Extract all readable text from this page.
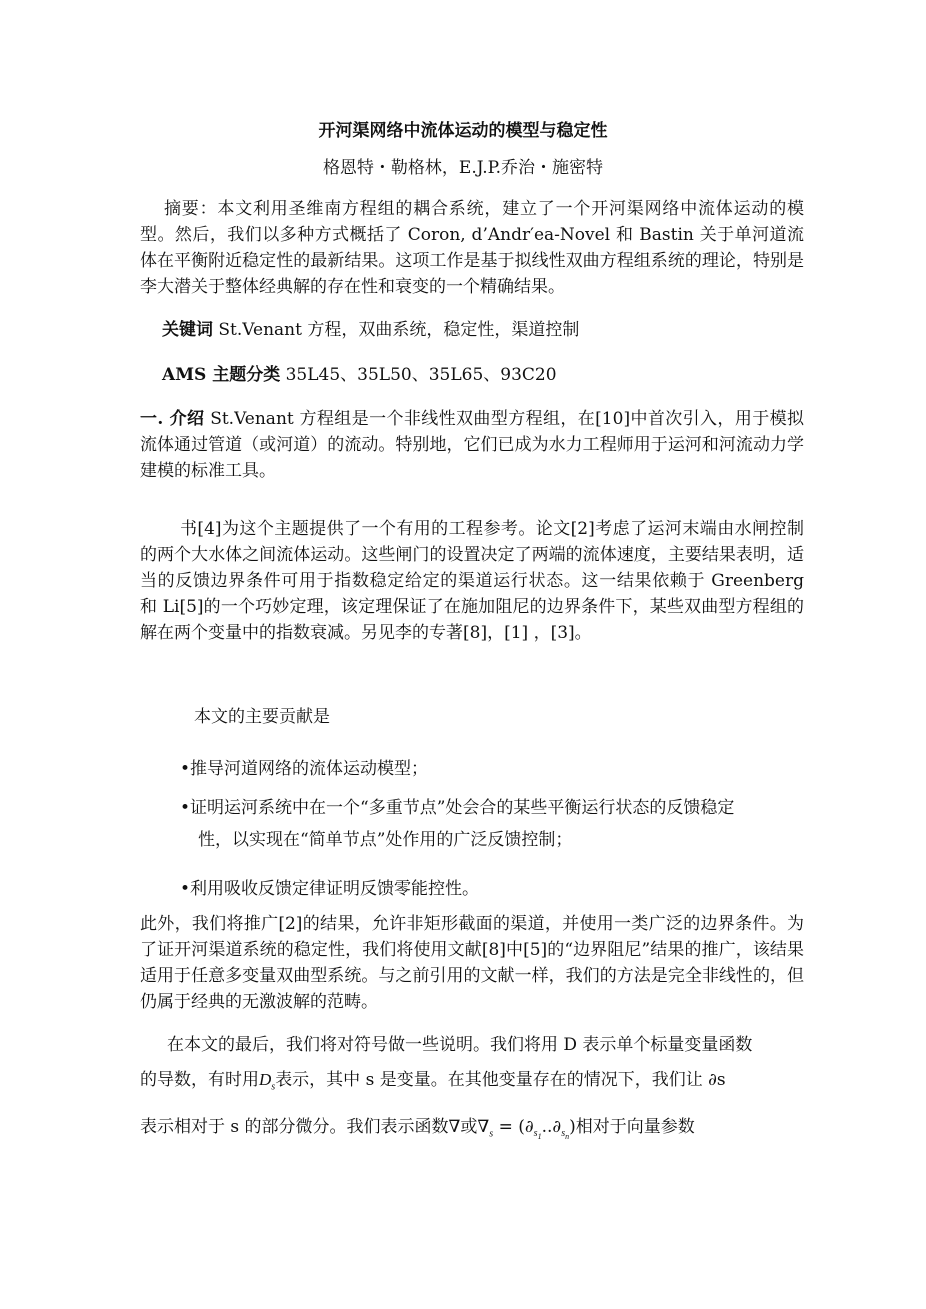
开河渠网络中流体运动的模型与稳定性
格恩特・勒格林，E.J.P.乔治・施密特

摘要：本文利用圣维南方程组的耦合系统，建立了一个开河渠网络中流体运动的模型。然后，我们以多种方式概括了 Coron, d’Andr′ea-Novel 和 Bastin 关于单河道流体在平衡附近稳定性的最新结果。这项工作是基于拟线性双曲方程组系统的理论，特别是李大潜关于整体经典解的存在性和衰变的一个精确结果。

关键词 St.Venant 方程，双曲系统，稳定性，渠道控制

AMS 主题分类 35L45、35L50、35L65、93C20

一. 介绍 St.Venant 方程组是一个非线性双曲型方程组，在[10]中首次引入，用于模拟流体通过管道（或河道）的流动。特别地，它们已成为水力工程师用于运河和河流动力学建模的标准工具。

书[4]为这个主题提供了一个有用的工程参考。论文[2]考虑了运河末端由水闸控制的两个大水体之间流体运动。这些闸门的设置决定了两端的流体速度，主要结果表明，适当的反馈边界条件可用于指数稳定给定的渠道运行状态。这一结果依赖于 Greenberg 和 Li[5]的一个巧妙定理，该定理保证了在施加阻尼的边界条件下，某些双曲型方程组的解在两个变量中的指数衰减。另见李的专著[8]，[1] ，[3]。

本文的主要贡献是

•推导河道网络的流体运动模型；

•证明运河系统中在一个“多重节点”处会合的某些平衡运行状态的反馈稳定

性，以实现在“简单节点”处作用的广泛反馈控制；

•利用吸收反馈定律证明反馈零能控性。

此外，我们将推广[2]的结果，允许非矩形截面的渠道，并使用一类广泛的边界条件。为了证开河渠道系统的稳定性，我们将使用文献[8]中[5]的“边界阻尼”结果的推广，该结果适用于任意多变量双曲型系统。与之前引用的文献一样，我们的方法是完全非线性的，但仍属于经典的无激波解的范畴。

在本文的最后，我们将对符号做一些说明。我们将用 D 表示单个标量变量函数

的导数，有时用$D_s$表示，其中 s 是变量。在其他变量存在的情况下，我们让 ∂s

表示相对于 s 的部分微分。我们表示函数∇或$\nabla_s = (\partial_{s_1}..\partial_{s_n})$相对于向量参数
